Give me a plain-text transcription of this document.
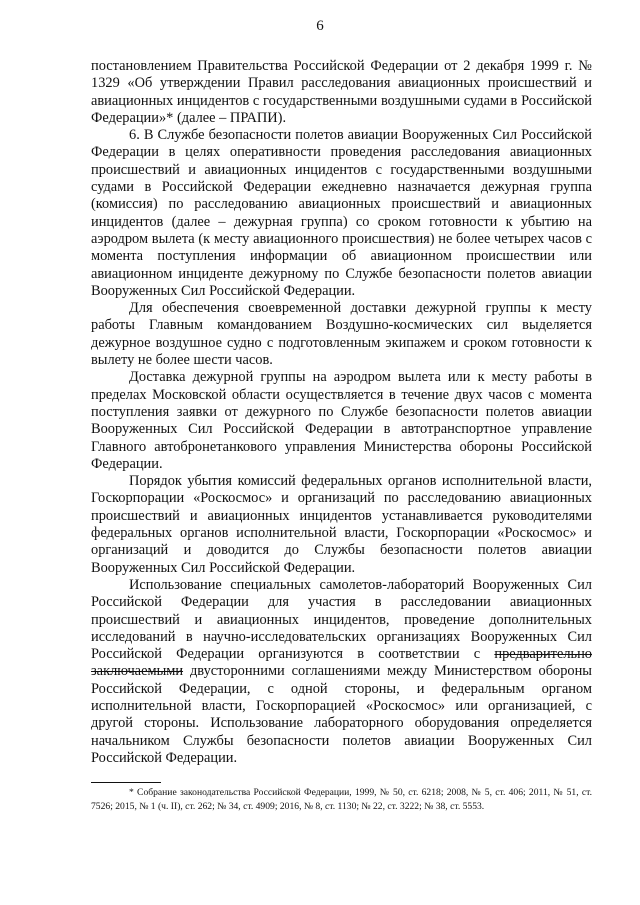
6

постановлением Правительства Российской Федерации от 2 декабря 1999 г. № 1329 «Об утверждении Правил расследования авиационных происшествий и авиационных инцидентов с государственными воздушными судами в Российской Федерации»* (далее – ПРАПИ).

6. В Службе безопасности полетов авиации Вооруженных Сил Российской Федерации в целях оперативности проведения расследования авиационных происшествий и авиационных инцидентов с государственными воздушными судами в Российской Федерации ежедневно назначается дежурная группа (комиссия) по расследованию авиационных происшествий и авиационных инцидентов (далее – дежурная группа) со сроком готовности к убытию на аэродром вылета (к месту авиационного происшествия) не более четырех часов с момента поступления информации об авиационном происшествии или авиационном инциденте дежурному по Службе безопасности полетов авиации Вооруженных Сил Российской Федерации.

Для обеспечения своевременной доставки дежурной группы к месту работы Главным командованием Воздушно-космических сил выделяется дежурное воздушное судно с подготовленным экипажем и сроком готовности к вылету не более шести часов.

Доставка дежурной группы на аэродром вылета или к месту работы в пределах Московской области осуществляется в течение двух часов с момента поступления заявки от дежурного по Службе безопасности полетов авиации Вооруженных Сил Российской Федерации в автотранспортное управление Главного автобронетанкового управления Министерства обороны Российской Федерации.

Порядок убытия комиссий федеральных органов исполнительной власти, Госкорпорации «Роскосмос» и организаций по расследованию авиационных происшествий и авиационных инцидентов устанавливается руководителями федеральных органов исполнительной власти, Госкорпорации «Роскосмос» и организаций и доводится до Службы безопасности полетов авиации Вооруженных Сил Российской Федерации.

Использование специальных самолетов-лабораторий Вооруженных Сил Российской Федерации для участия в расследовании авиационных происшествий и авиационных инцидентов, проведение дополнительных исследований в научно-исследовательских организациях Вооруженных Сил Российской Федерации организуются в соответствии с предварительно заключаемыми двусторонними соглашениями между Министерством обороны Российской Федерации, с одной стороны, и федеральным органом исполнительной власти, Госкорпорацией «Роскосмос» или организацией, с другой стороны. Использование лабораторного оборудования определяется начальником Службы безопасности полетов авиации Вооруженных Сил Российской Федерации.

* Собрание законодательства Российской Федерации, 1999, № 50, ст. 6218; 2008, № 5, ст. 406; 2011, № 51, ст. 7526; 2015, № 1 (ч. II), ст. 262; № 34, ст. 4909; 2016, № 8, ст. 1130; № 22, ст. 3222; № 38, ст. 5553.
